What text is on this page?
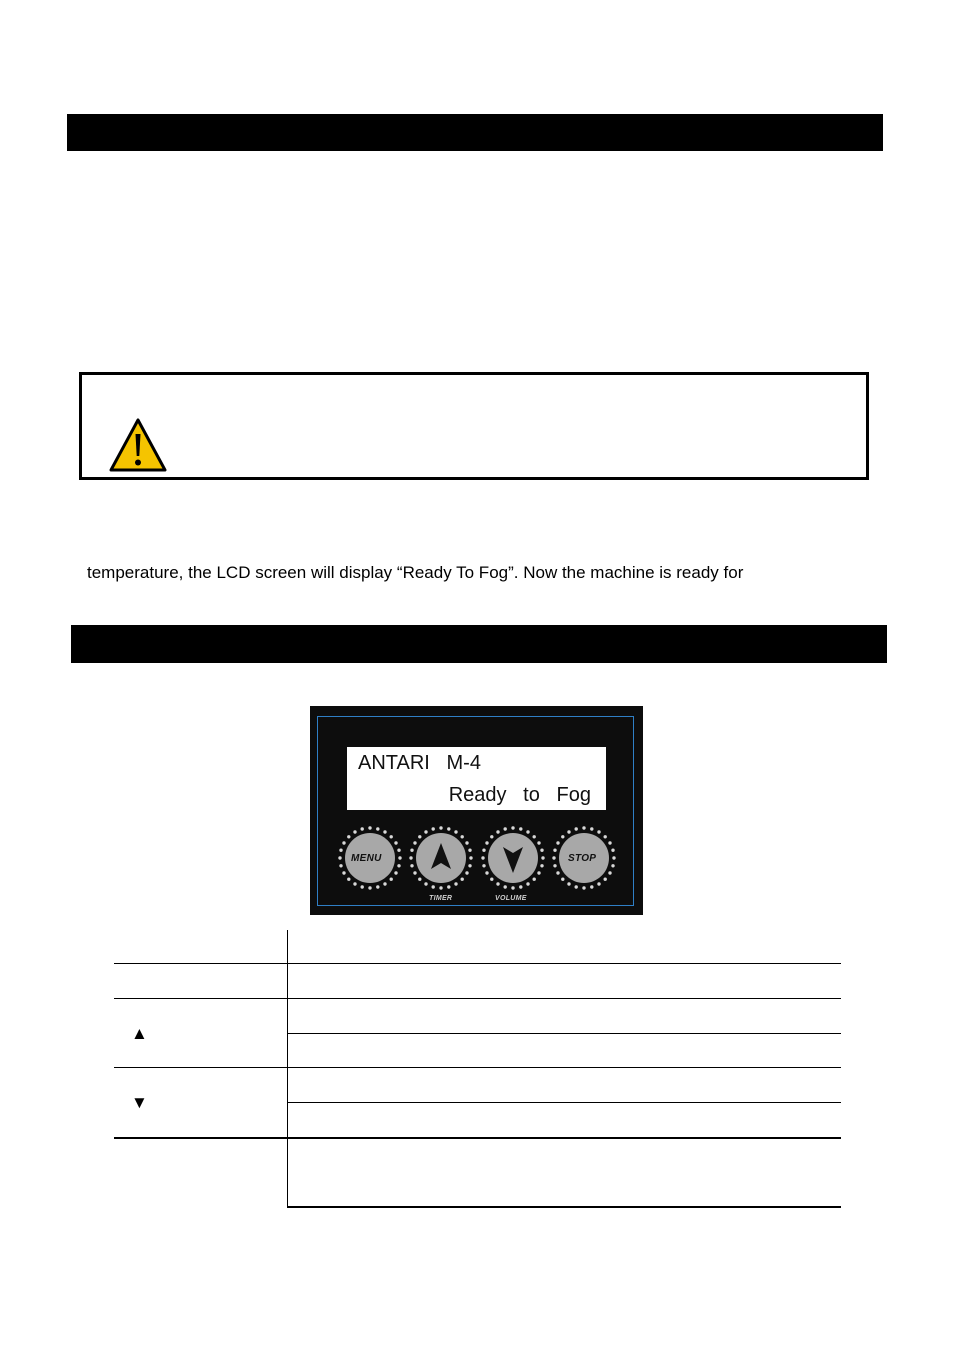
temperature, the LCD screen will display “Ready To Fog”. Now the machine is ready for
ANTARI   M-4
Ready   to   Fog
MENU
TIMER	VOLUME
STOP
▲
▼
